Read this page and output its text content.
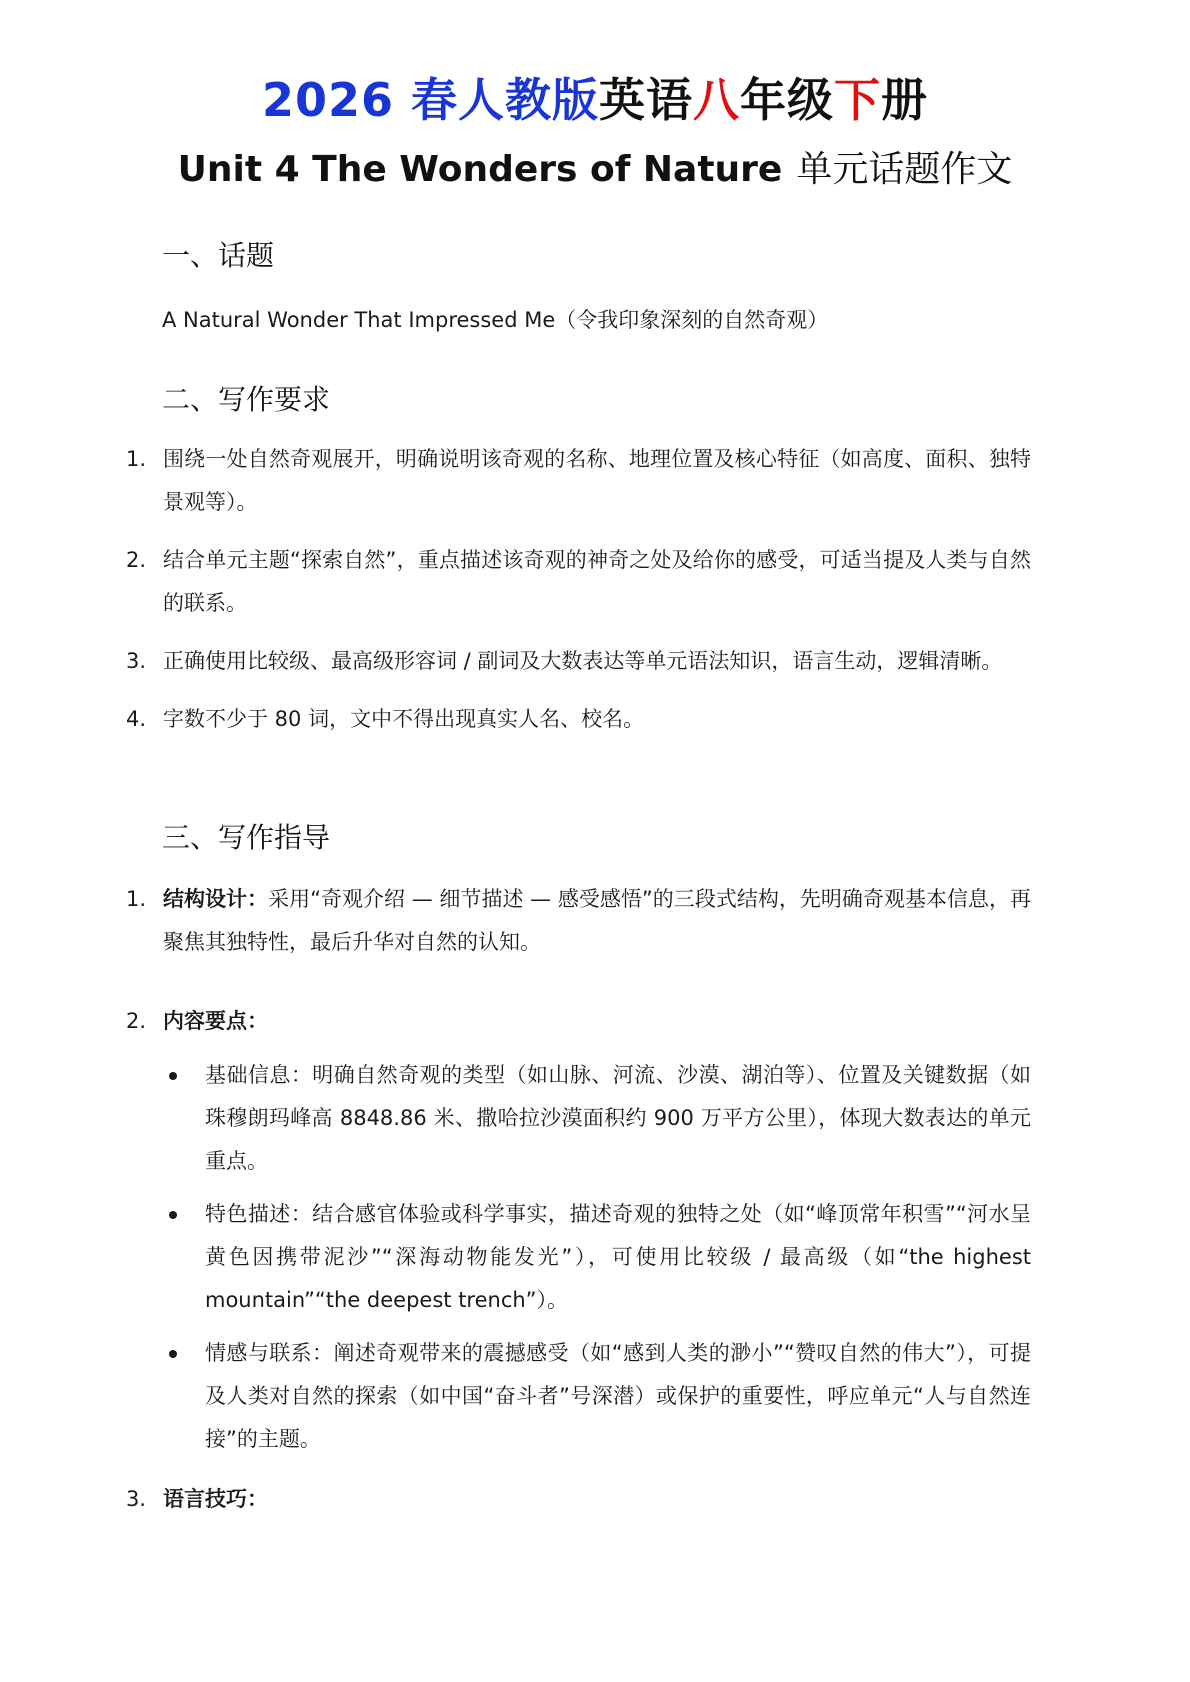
2026 春人教版英语八年级下册
Unit 4 The Wonders of Nature 单元话题作文
一、话题
A Natural Wonder That Impressed Me（令我印象深刻的自然奇观）
二、写作要求
1. 围绕一处自然奇观展开，明确说明该奇观的名称、地理位置及核心特征（如高度、面积、独特景观等）。
2. 结合单元主题“探索自然”，重点描述该奇观的神奇之处及给你的感受，可适当提及人类与自然的联系。
3. 正确使用比较级、最高级形容词 / 副词及大数表达等单元语法知识，语言生动，逻辑清晰。
4. 字数不少于 80 词，文中不得出现真实人名、校名。
三、写作指导
1. 结构设计：采用“奇观介绍 — 细节描述 — 感受感悟”的三段式结构，先明确奇观基本信息，再聚焦其独特性，最后升华对自然的认知。
2. 内容要点：
基础信息：明确自然奇观的类型（如山脉、河流、沙漠、湖泊等）、位置及关键数据（如珠穆朗玛峰高 8848.86 米、撒哈拉沙漠面积约 900 万平方公里），体现大数表达的单元重点。
特色描述：结合感官体验或科学事实，描述奇观的独特之处（如“峰顶常年积雪”“河水呈黄色因携带泥沙”“深海动物能发光”），可使用比较级 / 最高级（如“the highest mountain”“the deepest trench”）。
情感与联系：阐述奇观带来的震撼感受（如“感到人类的渺小”“赞叹自然的伟大”），可提及人类对自然的探索（如中国“奋斗者”号深潜）或保护的重要性，呼应单元“人与自然连接”的主题。
3. 语言技巧：
